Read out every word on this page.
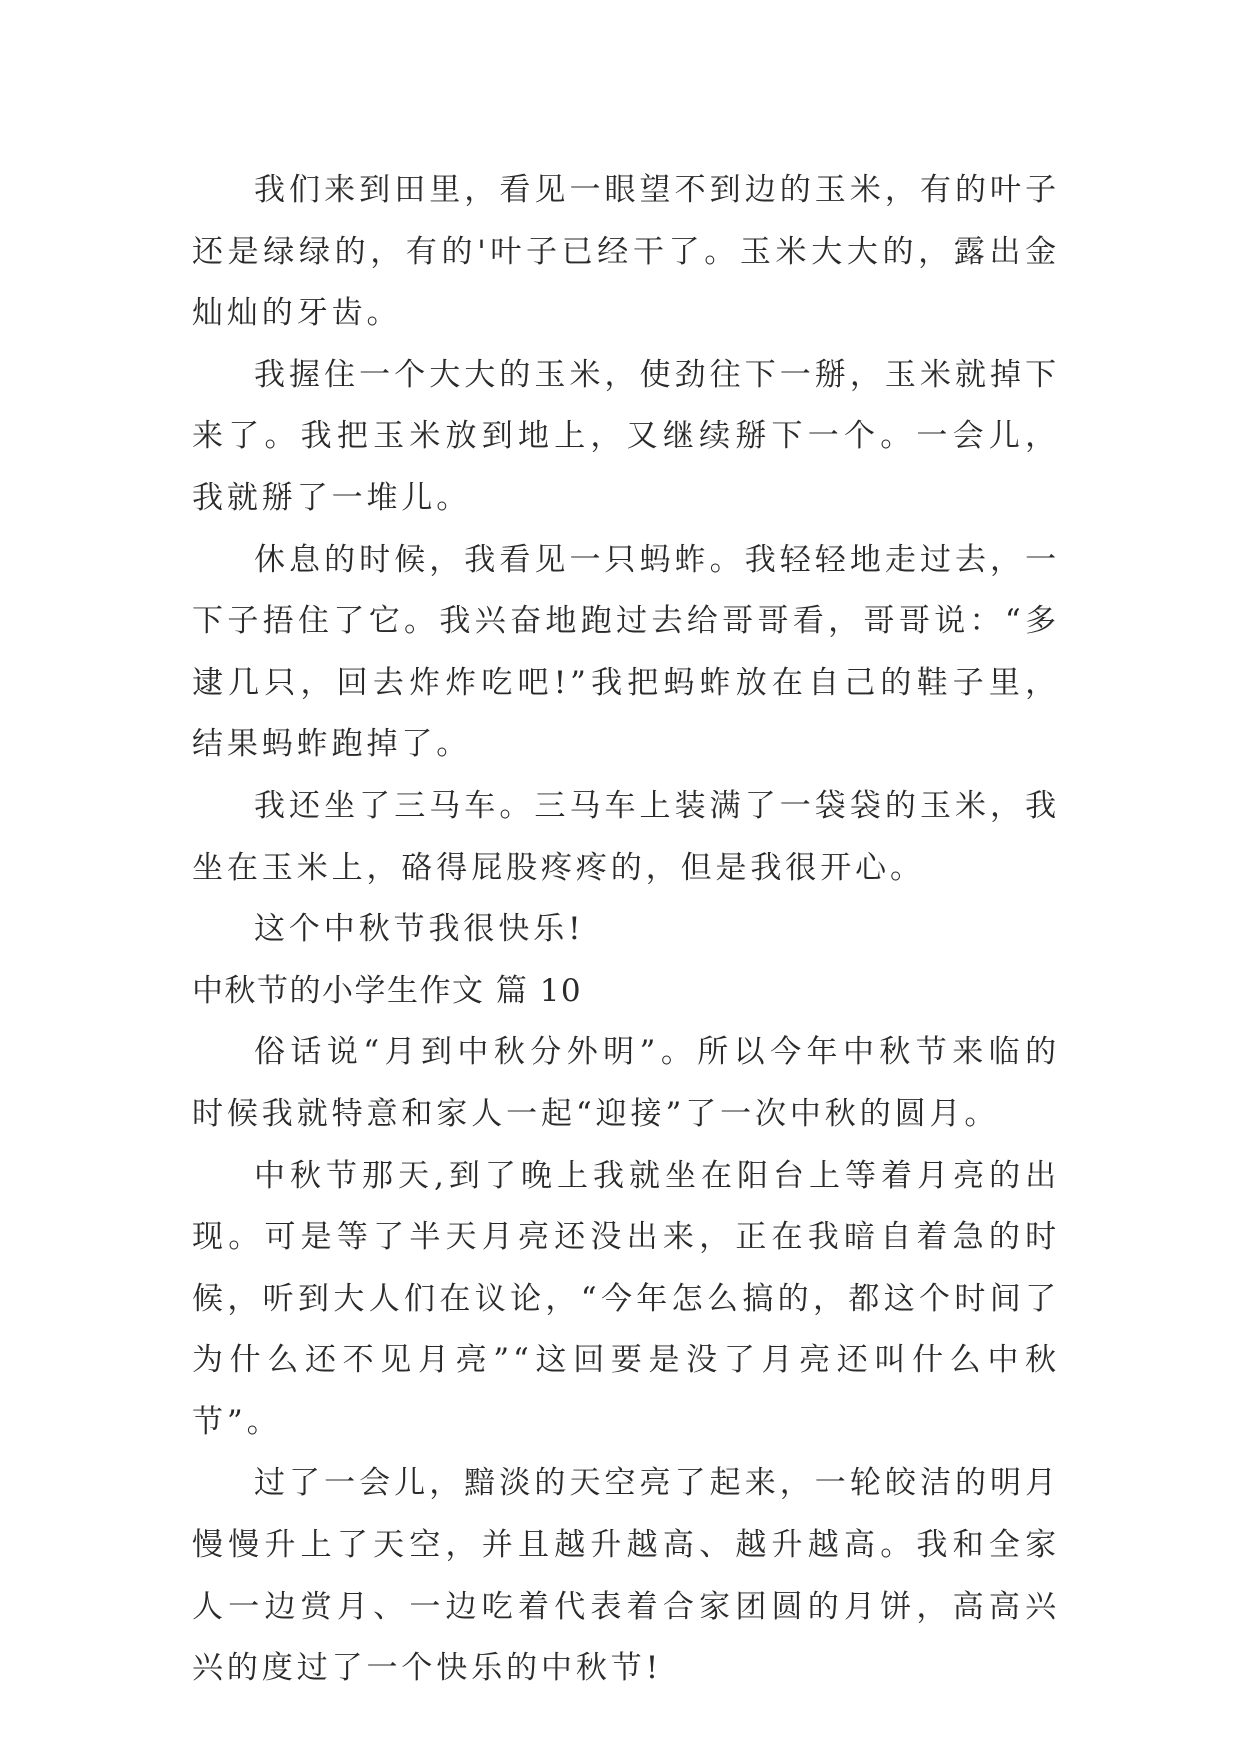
我们来到田里，看见一眼望不到边的玉米，有的叶子还是绿绿的，有的'叶子已经干了。玉米大大的，露出金灿灿的牙齿。

我握住一个大大的玉米，使劲往下一掰，玉米就掉下来了。我把玉米放到地上，又继续掰下一个。一会儿，我就掰了一堆儿。

休息的时候，我看见一只蚂蚱。我轻轻地走过去，一下子捂住了它。我兴奋地跑过去给哥哥看，哥哥说：“多逮几只，回去炸炸吃吧!”我把蚂蚱放在自己的鞋子里，结果蚂蚱跑掉了。

我还坐了三马车。三马车上装满了一袋袋的玉米，我坐在玉米上，硌得屁股疼疼的，但是我很开心。

这个中秋节我很快乐!

中秋节的小学生作文 篇 10

俗话说“月到中秋分外明”。所以今年中秋节来临的时候我就特意和家人一起“迎接”了一次中秋的圆月。

中秋节那天,到了晚上我就坐在阳台上等着月亮的出现。可是等了半天月亮还没出来，正在我暗自着急的时候，听到大人们在议论，“今年怎么搞的，都这个时间了为什么还不见月亮”“这回要是没了月亮还叫什么中秋节”。

过了一会儿，黯淡的天空亮了起来，一轮皎洁的明月慢慢升上了天空，并且越升越高、越升越高。我和全家人一边赏月、一边吃着代表着合家团圆的月饼，高高兴兴的度过了一个快乐的中秋节!
